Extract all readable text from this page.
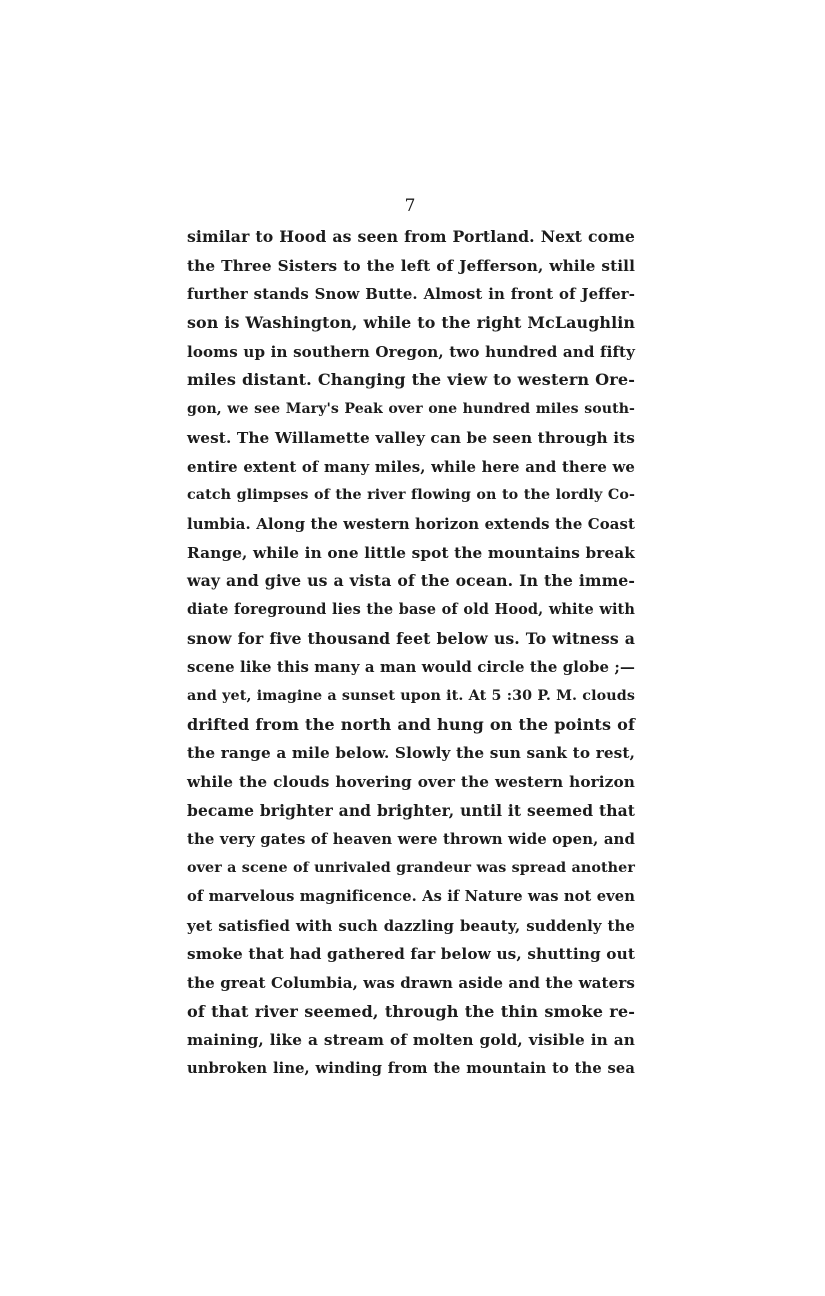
7
similar to Hood as seen from Portland. Next come
the Three Sisters to the left of Jefferson, while still
further stands Snow Butte. Almost in front of Jeffer-
son is Washington, while to the right McLaughlin
looms up in southern Oregon, two hundred and fifty
miles distant. Changing the view to western Ore-
gon, we see Mary's Peak over one hundred miles south-
west. The Willamette valley can be seen through its
entire extent of many miles, while here and there we
catch glimpses of the river flowing on to the lordly Co-
lumbia. Along the western horizon extends the Coast
Range, while in one little spot the mountains break
way and give us a vista of the ocean. In the imme-
diate foreground lies the base of old Hood, white with
snow for five thousand feet below us. To witness a
scene like this many a man would circle the globe ;—
and yet, imagine a sunset upon it. At 5 :30 P. M. clouds
drifted from the north and hung on the points of
the range a mile below. Slowly the sun sank to rest,
while the clouds hovering over the western horizon
became brighter and brighter, until it seemed that
the very gates of heaven were thrown wide open, and
over a scene of unrivaled grandeur was spread another
of marvelous magnificence. As if Nature was not even
yet satisfied with such dazzling beauty, suddenly the
smoke that had gathered far below us, shutting out
the great Columbia, was drawn aside and the waters
of that river seemed, through the thin smoke re-
maining, like a stream of molten gold, visible in an
unbroken line, winding from the mountain to the sea
